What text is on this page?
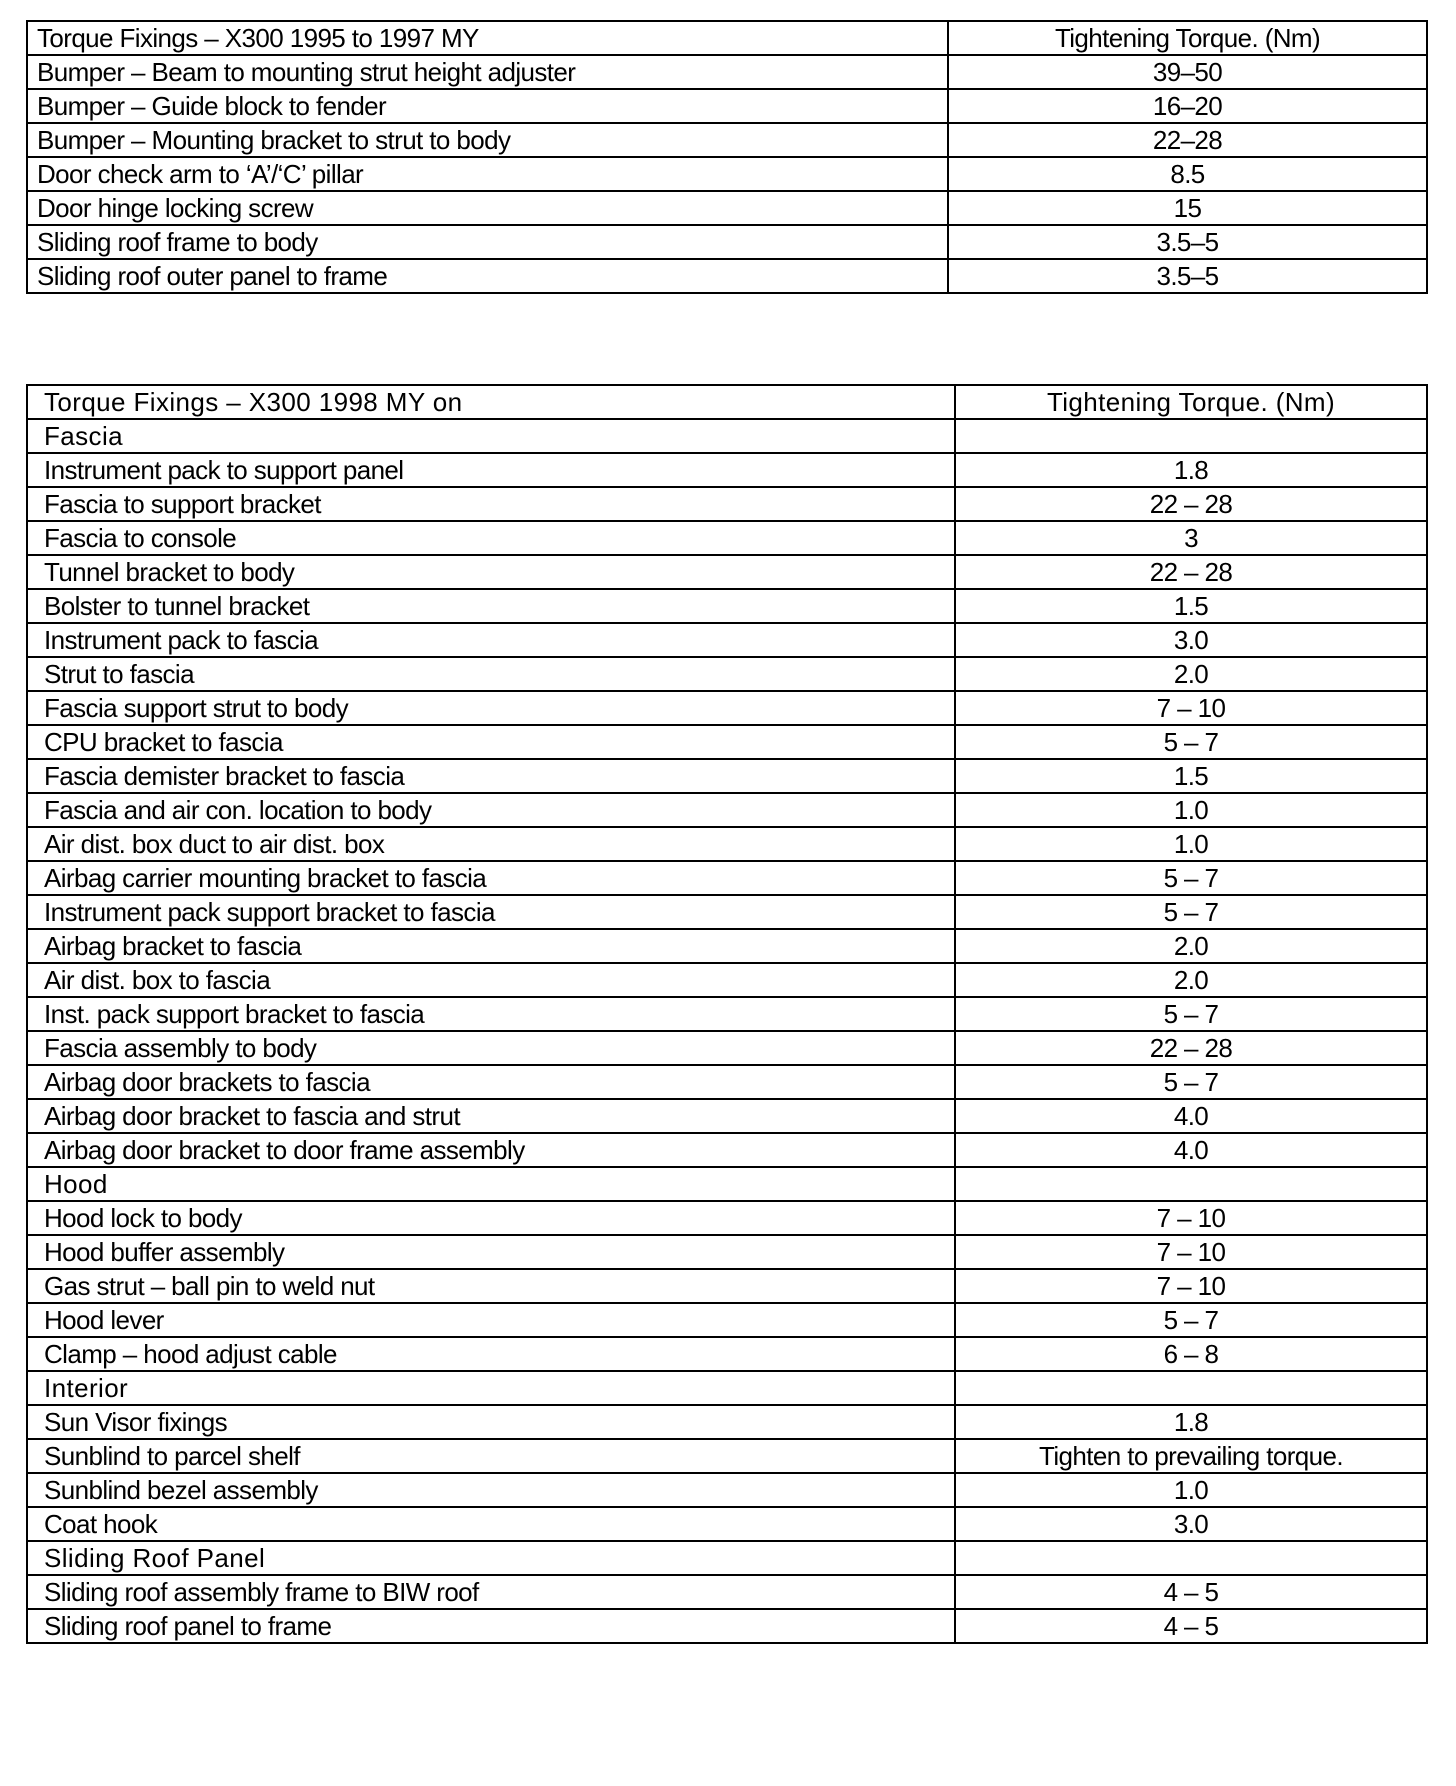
Torque Fixings – X300 1995 to 1997 MY	Tightening Torque. (Nm)
Bumper – Beam to mounting strut height adjuster	39–50
Bumper – Guide block to fender	16–20
Bumper – Mounting bracket to strut to body	22–28
Door check arm to ‘A’/‘C’ pillar	8.5
Door hinge locking screw	15
Sliding roof frame to body	3.5–5
Sliding roof outer panel to frame	3.5–5
Torque Fixings – X300 1998 MY on	Tightening Torque. (Nm)
Fascia	
Instrument pack to support panel	1.8
Fascia to support bracket	22 – 28
Fascia to console	3
Tunnel bracket to body	22 – 28
Bolster to tunnel bracket	1.5
Instrument pack to fascia	3.0
Strut to fascia	2.0
Fascia support strut to body	7 – 10
CPU bracket to fascia	5 – 7
Fascia demister bracket to fascia	1.5
Fascia and air con. location to body	1.0
Air dist. box duct to air dist. box	1.0
Airbag carrier mounting bracket to fascia	5 – 7
Instrument pack support bracket to fascia	5 – 7
Airbag bracket to fascia	2.0
Air dist. box to fascia	2.0
Inst. pack support bracket to fascia	5 – 7
Fascia assembly to body	22 – 28
Airbag door brackets to fascia	5 – 7
Airbag door bracket to fascia and strut	4.0
Airbag door bracket to door frame assembly	4.0
Hood	
Hood lock to body	7 – 10
Hood buffer assembly	7 – 10
Gas strut – ball pin to weld nut	7 – 10
Hood lever	5 – 7
Clamp – hood adjust cable	6 – 8
Interior	
Sun Visor fixings	1.8
Sunblind to parcel shelf	Tighten to prevailing torque.
Sunblind bezel assembly	1.0
Coat hook	3.0
Sliding Roof Panel	
Sliding roof assembly frame to BIW roof	4 – 5
Sliding roof panel to frame	4 – 5
